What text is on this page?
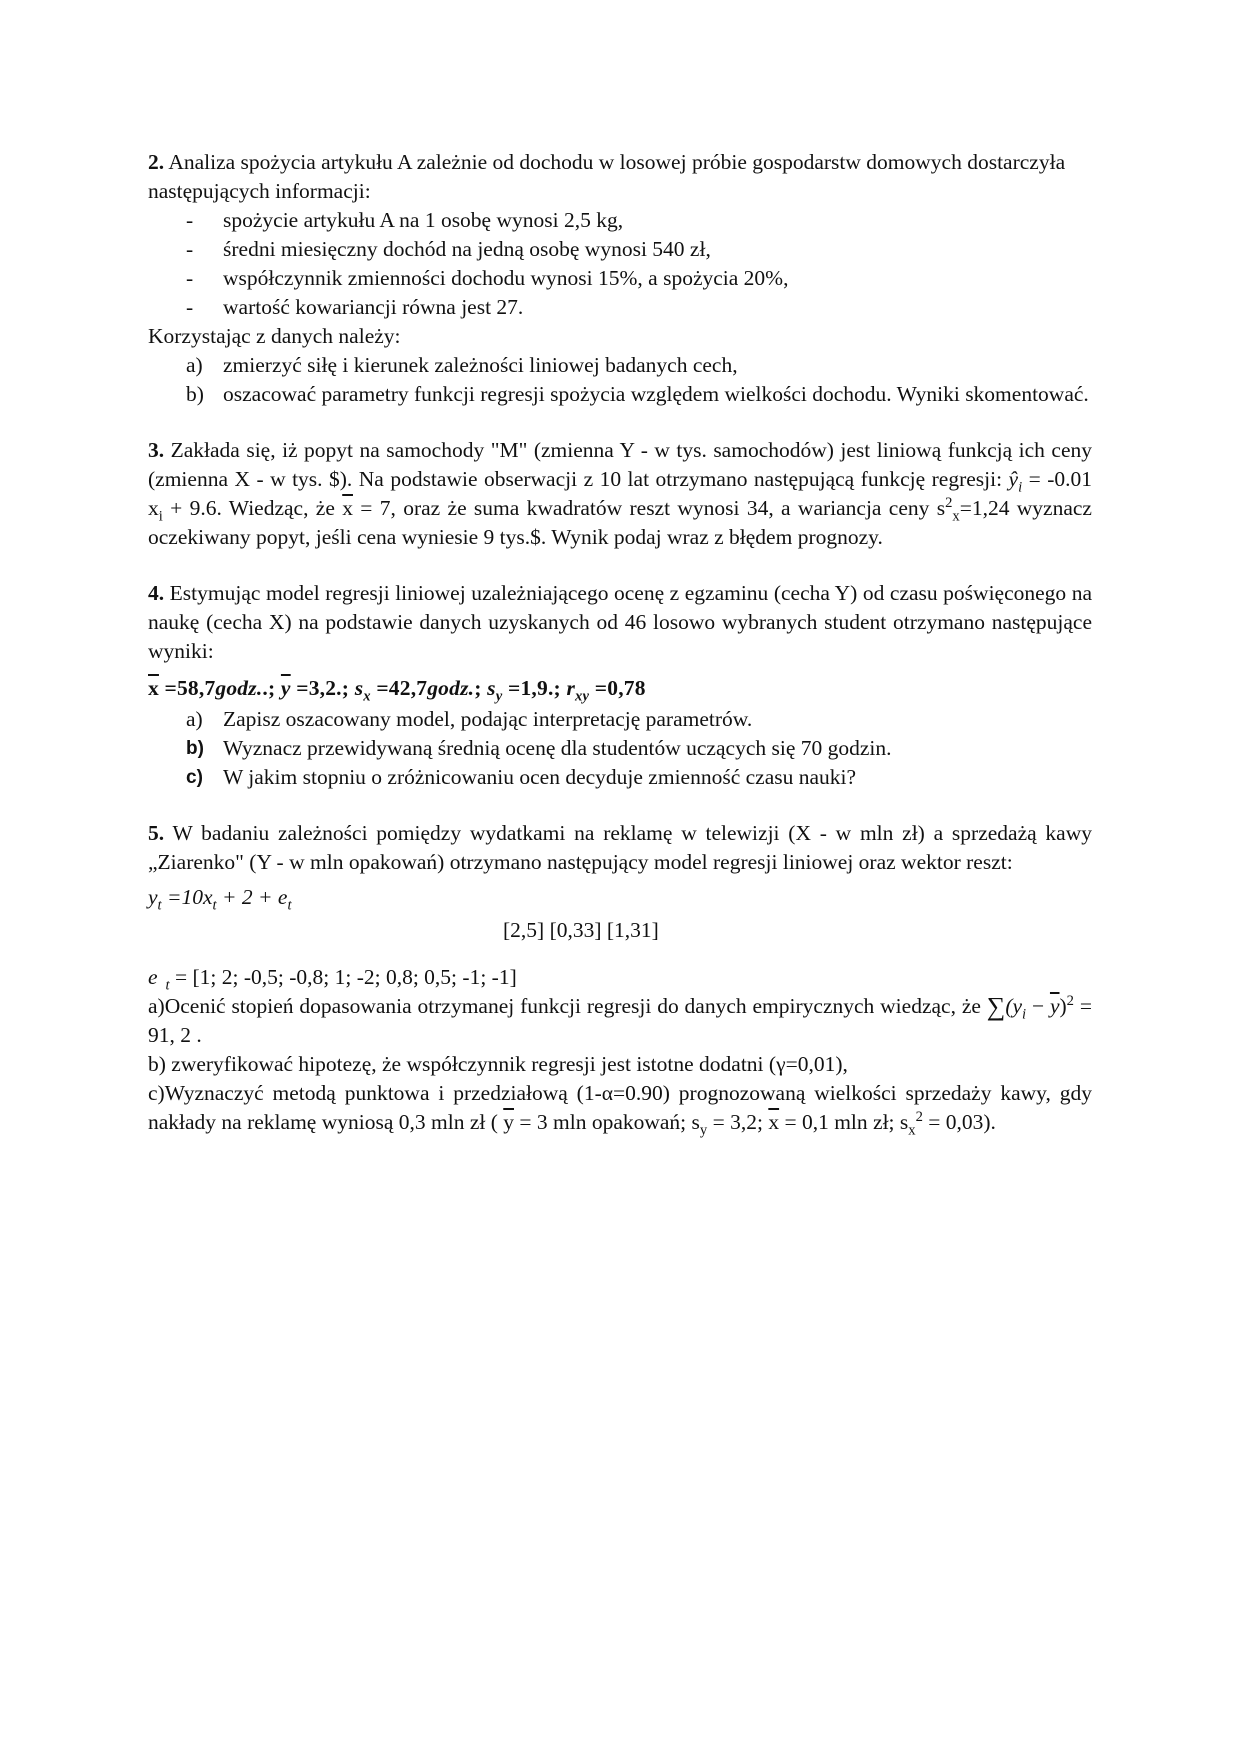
2. Analiza spożycia artykułu A zależnie od dochodu w losowej próbie gospodarstw domowych dostarczyła następujących informacji:

- spożycie artykułu A na 1 osobę wynosi 2,5 kg,
- średni miesięczny dochód na jedną osobę wynosi 540 zł,
- współczynnik zmienności dochodu wynosi 15%, a spożycia 20%,
- wartość kowariancji równa jest 27.

Korzystając z danych należy:

a) zmierzyć siłę i kierunek zależności liniowej badanych cech,
b) oszacować parametry funkcji regresji spożycia względem wielkości dochodu. Wyniki skomentować.

3. Zakłada się, iż popyt na samochody "M" (zmienna Y - w tys. samochodów) jest liniową funkcją ich ceny (zmienna X - w tys. $). Na podstawie obserwacji z 10 lat otrzymano następującą funkcję regresji: $ŷ_i = -0.01$ $x_i + 9.6$. Wiedząc, że $\overline{x} = 7$, oraz że suma kwadratów reszt wynosi 34, a wariancja ceny $s^2_x=1,24$ wyznacz oczekiwany popyt, jeśli cena wyniesie 9 tys.$. Wynik podaj wraz z błędem prognozy.

4. Estymując model regresji liniowej uzależniającego ocenę z egzaminu (cecha Y) od czasu poświęconego na naukę (cecha X) na podstawie danych uzyskanych od 46 losowo wybranych student otrzymano następujące wyniki:

$\overline{x}$ =58,7godz..; $\overline{y} =3,2$.; $s_x$ =42,7godz.; $s_y =1,9$.; $r_{xy} =0,78$

a) Zapisz oszacowany model, podając interpretację parametrów.
b) Wyznacz przewidywaną średnią ocenę dla studentów uczących się 70 godzin.
c) W jakim stopniu o zróżnicowaniu ocen decyduje zmienność czasu nauki?

5. W badaniu zależności pomiędzy wydatkami na reklamę w telewizji (X - w mln zł) a sprzedażą kawy „Ziarenko" (Y - w mln opakowań) otrzymano następujący model regresji liniowej oraz wektor reszt:

$y_t =10x_t + 2 + e_t$

[2,5] [0,33] [1,31]

e $_t$ = [1; 2; -0,5; -0,8; 1; -2; 0,8; 0,5; -1; -1]

a)Ocenić stopień dopasowania otrzymanej funkcji regresji do danych empirycznych wiedząc, że $\sum(y_i - \overline{y})^2 = 91$, 2 .

b) zweryfikować hipotezę, że współczynnik regresji jest istotne dodatni (γ=0,01),

c)Wyznaczyć metodą punktowa i przedziałową (1-α=0.90) prognozowaną wielkości sprzedaży kawy, gdy nakłady na reklamę wyniosą 0,3 mln zł ( $\overline{y} = 3$ mln opakowań; $s_y = 3,2$; $\overline{x} = 0,1$ mln zł; $s_x^2 = 0,03$).
